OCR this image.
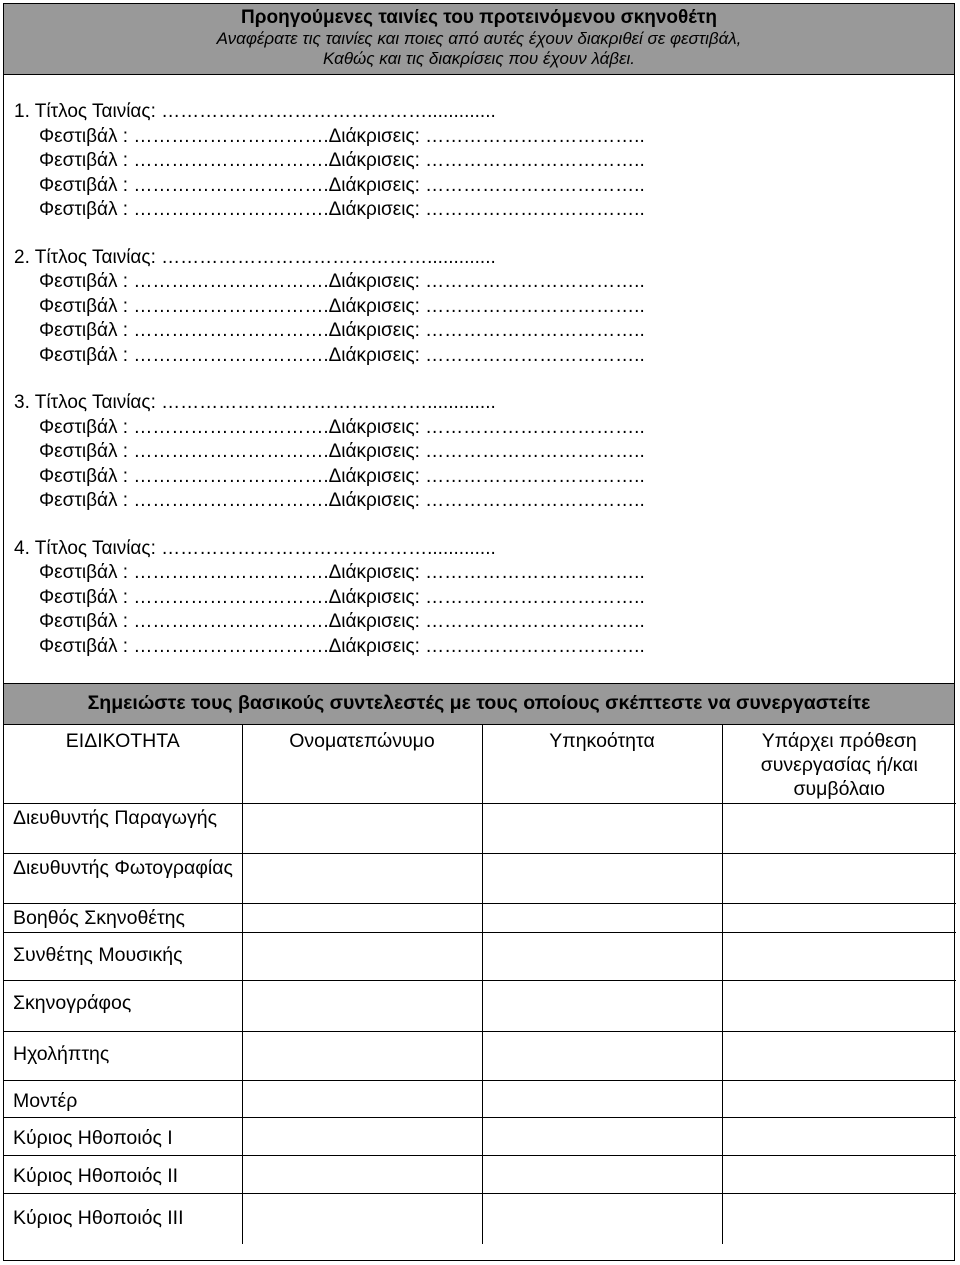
Προηγούμενες ταινίες του προτεινόμενου σκηνοθέτη
Αναφέρατε τις ταινίες και ποιες από αυτές έχουν διακριθεί σε φεστιβάλ,
Καθώς και τις διακρίσεις που έχουν λάβει.
1. Τίτλος Ταινίας: …………………………………….............
Φεστιβάλ : ………………………….Διάκρισεις: ……………………………..
Φεστιβάλ : ………………………….Διάκρισεις: ……………………………..
Φεστιβάλ : ………………………….Διάκρισεις: ……………………………..
Φεστιβάλ : ………………………….Διάκρισεις: ……………………………..
2. Τίτλος Ταινίας: …………………………………….............
Φεστιβάλ : ………………………….Διάκρισεις: ……………………………..
Φεστιβάλ : ………………………….Διάκρισεις: ……………………………..
Φεστιβάλ : ………………………….Διάκρισεις: ……………………………..
Φεστιβάλ : ………………………….Διάκρισεις: ……………………………..
3. Τίτλος Ταινίας: …………………………………….............
Φεστιβάλ : ………………………….Διάκρισεις: ……………………………..
Φεστιβάλ : ………………………….Διάκρισεις: ……………………………..
Φεστιβάλ : ………………………….Διάκρισεις: ……………………………..
Φεστιβάλ : ………………………….Διάκρισεις: ……………………………..
4. Τίτλος Ταινίας: …………………………………….............
Φεστιβάλ : ………………………….Διάκρισεις: ……………………………..
Φεστιβάλ : ………………………….Διάκρισεις: ……………………………..
Φεστιβάλ : ………………………….Διάκρισεις: ……………………………..
Φεστιβάλ : ………………………….Διάκρισεις: ……………………………..
Σημειώστε τους βασικούς συντελεστές με τους οποίους σκέπτεστε να συνεργαστείτε
ΕΙΔΙΚΟΤΗΤΑ	Ονοματεπώνυμο	Υπηκοότητα	Υπάρχει πρόθεση συνεργασίας ή/και συμβόλαιο
Διευθυντής Παραγωγής			
Διευθυντής Φωτογραφίας			
Βοηθός Σκηνοθέτης			
Συνθέτης Μουσικής			
Σκηνογράφος			
Ηχολήπτης			
Μοντέρ			
Κύριος Ηθοποιός Ι			
Κύριος Ηθοποιός ΙΙ			
Κύριος Ηθοποιός ΙΙΙ			
